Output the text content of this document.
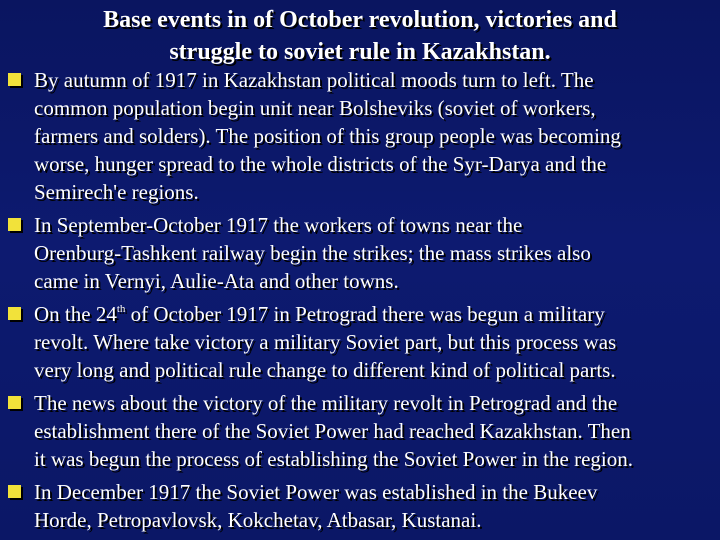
Base events in of October revolution, victories and
struggle to soviet rule in Kazakhstan.
By autumn of 1917 in Kazakhstan political moods turn to left. The
common population begin unit near Bolsheviks (soviet of workers,
farmers and solders). The position of this group people was becoming
worse, hunger spread to the whole districts of the Syr-Darya and the
Semirech'e regions.
In September-October 1917 the workers of towns near the
Orenburg-Tashkent railway begin the strikes; the mass strikes also
came in Vernyi, Aulie-Ata and other towns.
On the 24th of October 1917 in Petrograd there was begun a military
revolt. Where take victory a military Soviet part, but this process was
very long and political rule change to different kind of political parts.
The news about the victory of the military revolt in Petrograd and the
establishment there of the Soviet Power had reached Kazakhstan. Then
it was begun the process of establishing the Soviet Power in the region.
In December 1917 the Soviet Power was established in the Bukeev
Horde, Petropavlovsk, Kokchetav, Atbasar, Kustanai.
